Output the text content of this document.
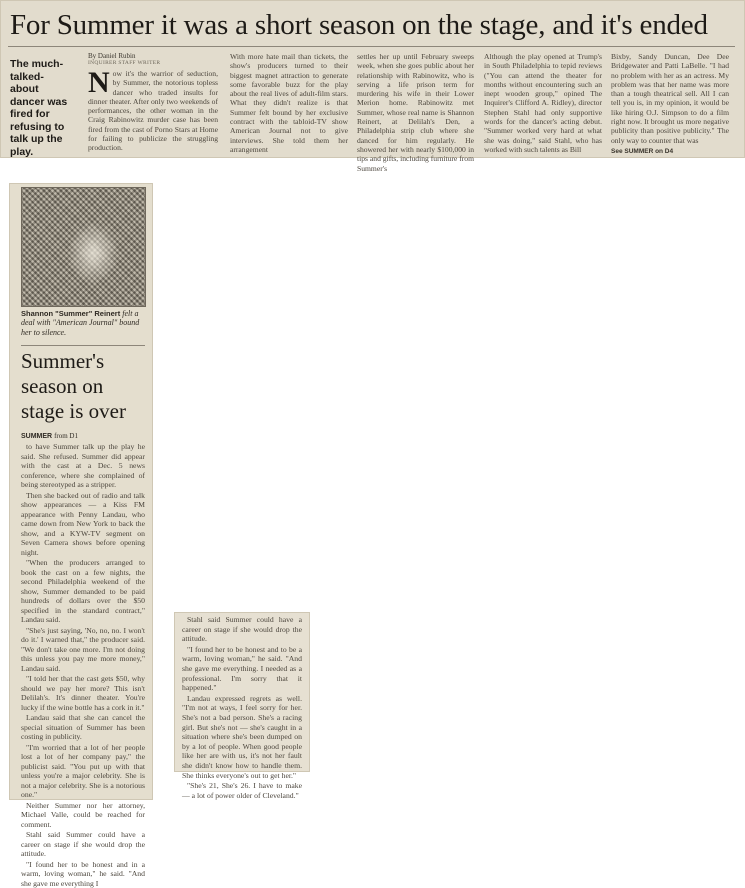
For Summer it was a short season on the stage, and it's ended
The much-talked-about dancer was fired for refusing to talk up the play.
By Daniel Rubin
INQUIRER STAFF WRITER
N ow it's the warrior of seduction, by Summer, the notorious topless dancer who traded insults for dinner theater. After only two weekends of performances, the other woman in the Craig Rabinowitz murder case has been fired from the cast of Porno Stars at Home for failing to publicize the struggling production.
With more hate mail than tickets, the show's producers turned to their biggest magnet attraction to generate some favorable buzz for the play about the real lives of adult-film stars. What they didn't realize is that Summer felt bound by her exclusive contract with the tabloid-TV show American Journal not to give interviews. She told them her arrangement
settles her up until February sweeps week, when she goes public about her relationship with Rabinowitz, who is serving a life prison term for murdering his wife in their Lower Merion home. Rabinowitz met Summer, whose real name is Shannon Reinert, at Delilah's Den, a Philadelphia strip club where she danced for him regularly. He showered her with nearly $100,000 in tips and gifts, including furniture from Summer's
Although the play opened at Trump's in South Philadelphia to tepid reviews ("You can attend the theater for months without encountering such an inept wooden group," opined The Inquirer's Clifford A. Ridley), director Stephen Stahl had only supportive words for the dancer's acting debut. "Summer worked very hard at what she was doing," said Stahl, who has worked with such talents as Bill
Bixby, Sandy Duncan, Dee Dee Bridgewater and Patti LaBelle. "I had no problem with her as an actress. My problem was that her name was more than a tough theatrical sell. All I can tell you is, in my opinion, it would be like hiring O.J. Simpson to do a film right now. It brought us more negative publicity than positive publicity." The only way to counter that was
See SUMMER on D4
Shannon "Summer" Reinert felt a deal with "American Journal" bound her to silence.
Summer's season on stage is over
SUMMER from D1

to have Summer talk up the play he said. She refused. Summer did appear with the cast at a Dec. 5 news conference, where she complained of being stereotyped as a stripper.

Then she backed out of radio and talk show appearances — a Kiss FM appearance with Penny Landau, who came down from New York to back the show, and a KYW-TV segment on Seven Camera shows before opening night.

"When the producers arranged to book the cast on a few nights, the second Philadelphia weekend of the show, Summer demanded to be paid hundreds of dollars over the $50 specified in the standard contract," Landau said.

"She's just saying, 'No, no, no. I won't do it.' I warned that," the producer said. "We don't take one more. I'm not doing this unless you pay me more money," Landau said.

"I told her that the cast gets $50, why should we pay her more? This isn't Delilah's. It's dinner theater. You're lucky if the wine bottle has a cork in it."

Landau said that she can cancel the special situation of Summer has been costing in publicity.

"I'm worried that a lot of her people lost a lot of her company pay," the publicist said. "You put up with that unless you're a major celebrity. She is not a major celebrity. She is a notorious one."

Neither Summer nor her attorney, Michael Valle, could be reached for comment.

Stahl said Summer could have a career on stage if she would drop the attitude.

"I found her to be honest and in a warm, loving woman," he said. "And she gave me everything I

Stahl said Summer could have a career on stage if she would drop the attitude.

"I found her to be honest and to be a warm, loving woman," he said. "And she gave me everything. I needed as a professional. I'm sorry that it happened."

Landau expressed regrets as well. "I'm not at ways, I feel sorry for her. She's not a bad person. She's a racing girl. But she's not — she's caught in a situation where she's been dumped on by a lot of people. When good people like her are with us, it's not her fault she didn't know how to handle them. She thinks everyone's out to get her."

"She's 21, She's 26. I have to make — a lot of power older of Cleveland."
